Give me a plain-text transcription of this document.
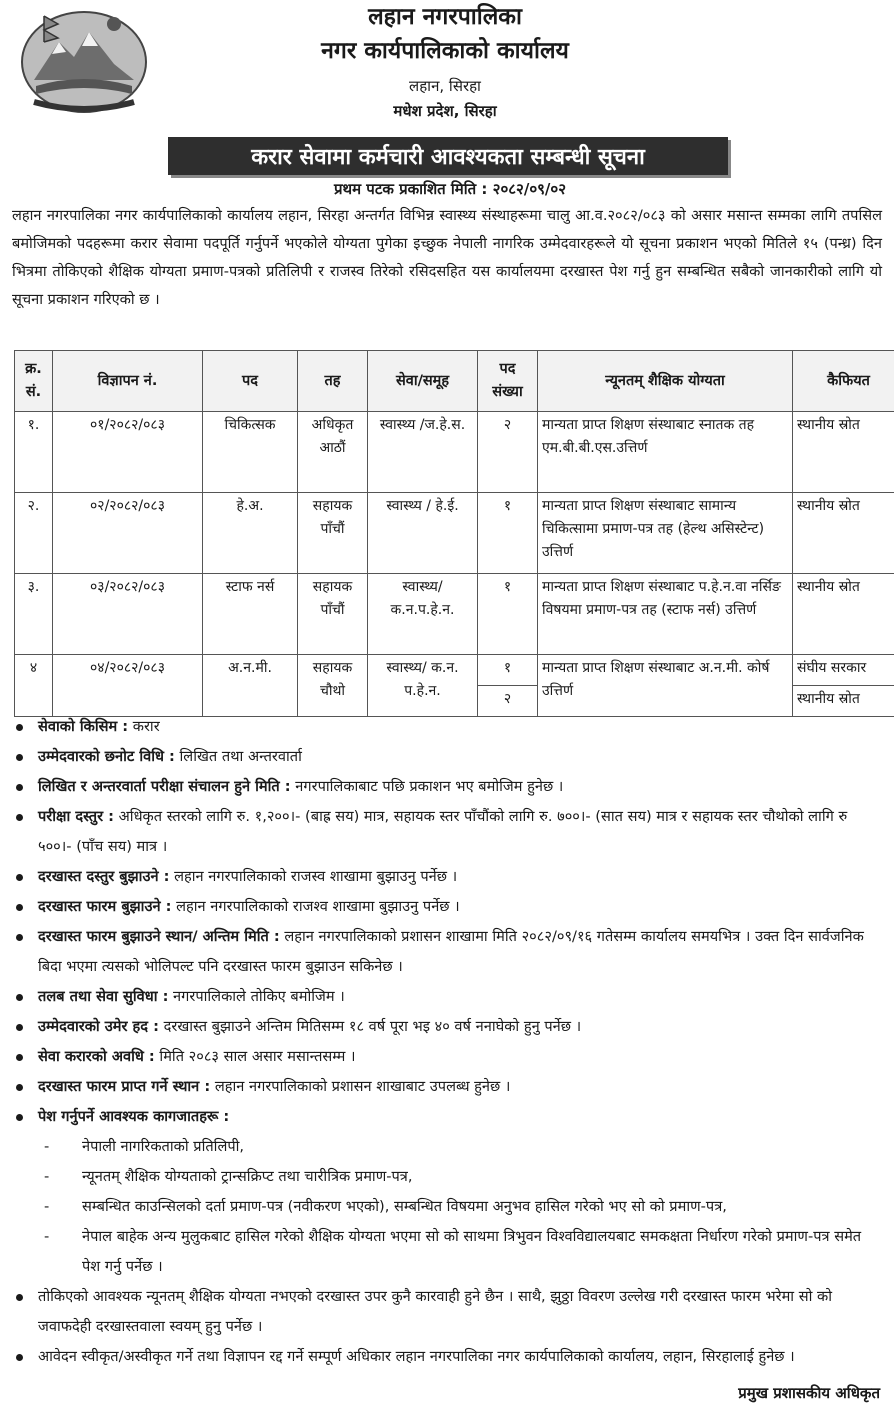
लहान नगरपालिका
नगर कार्यपालिकाको कार्यालय
लहान, सिरहा
मधेश प्रदेश, सिरहा
करार सेवामा कर्मचारी आवश्यकता सम्बन्धी सूचना
प्रथम पटक प्रकाशित मिति : २०८२/०९/०२
लहान नगरपालिका नगर कार्यपालिकाको कार्यालय लहान, सिरहा अन्तर्गत विभिन्न स्वास्थ्य संस्थाहरूमा चालु आ.व.२०८२/०८३ को असार मसान्त सम्मका लागि तपसिल बमोजिमको पदहरूमा करार सेवामा पदपूर्ति गर्नुपर्ने भएकोले योग्यता पुगेका इच्छुक नेपाली नागरिक उम्मेदवारहरूले यो सूचना प्रकाशन भएको मितिले १५ (पन्ध्र) दिन भित्रमा तोकिएको शैक्षिक योग्यता प्रमाण-पत्रको प्रतिलिपी र राजस्व तिरेको रसिदसहित यस कार्यालयमा दरखास्त पेश गर्नु हुन सम्बन्धित सबैको जानकारीको लागि यो सूचना प्रकाशन गरिएको छ ।
क्र. सं.	विज्ञापन नं.	पद	तह	सेवा/समूह	पद संख्या	न्यूनतम् शैक्षिक योग्यता	कैफियत
१.	०१/२०८२/०८३	चिकित्सक	अधिकृत आठौं	स्वास्थ्य /ज.हे.स.	२	मान्यता प्राप्त शिक्षण संस्थाबाट स्नातक तह एम.बी.बी.एस.उत्तिर्ण	स्थानीय स्रोत
२.	०२/२०८२/०८३	हे.अ.	सहायक पाँचौं	स्वास्थ्य / हे.ई.	१	मान्यता प्राप्त शिक्षण संस्थाबाट सामान्य चिकित्सामा प्रमाण-पत्र तह (हेल्थ असिस्टेन्ट) उत्तिर्ण	स्थानीय स्रोत
३.	०३/२०८२/०८३	स्टाफ नर्स	सहायक पाँचौं	स्वास्थ्य/ क.न.प.हे.न.	१	मान्यता प्राप्त शिक्षण संस्थाबाट प.हे.न.वा नर्सिङ विषयमा प्रमाण-पत्र तह (स्टाफ नर्स) उत्तिर्ण	स्थानीय स्रोत
४	०४/२०८२/०८३	अ.न.मी.	सहायक चौथो	स्वास्थ्य/ क.न. प.हे.न.	१	मान्यता प्राप्त शिक्षण संस्थाबाट अ.न.मी. कोर्ष उत्तिर्ण	संघीय सरकार
					२		स्थानीय स्रोत
सेवाको किसिम : करार
उम्मेदवारको छनोट विधि : लिखित तथा अन्तरवार्ता
लिखित र अन्तरवार्ता परीक्षा संचालन हुने मिति : नगरपालिकाबाट पछि प्रकाशन भए बमोजिम हुनेछ ।
परीक्षा दस्तुर : अधिकृत स्तरको लागि रु. १,२००।- (बाह्र सय) मात्र, सहायक स्तर पाँचौंको लागि रु. ७००।- (सात सय) मात्र र सहायक स्तर चौथोको लागि रु ५००।- (पाँच सय) मात्र ।
दरखास्त दस्तुर बुझाउने : लहान नगरपालिकाको राजस्व शाखामा बुझाउनु पर्नेछ ।
दरखास्त फारम बुझाउने : लहान नगरपालिकाको राजश्व शाखामा बुझाउनु पर्नेछ ।
दरखास्त फारम बुझाउने स्थान/ अन्तिम मिति : लहान नगरपालिकाको प्रशासन शाखामा मिति २०८२/०९/१६ गतेसम्म कार्यालय समयभित्र । उक्त दिन सार्वजनिक बिदा भएमा त्यसको भोलिपल्ट पनि दरखास्त फारम बुझाउन सकिनेछ ।
तलब तथा सेवा सुविधा : नगरपालिकाले तोकिए बमोजिम ।
उम्मेदवारको उमेर हद : दरखास्त बुझाउने अन्तिम मितिसम्म १८ वर्ष पूरा भइ ४० वर्ष ननाघेको हुनु पर्नेछ ।
सेवा करारको अवधि : मिति २०८३ साल असार मसान्तसम्म ।
दरखास्त फारम प्राप्त गर्ने स्थान : लहान नगरपालिकाको प्रशासन शाखाबाट उपलब्ध हुनेछ ।
पेश गर्नुपर्ने आवश्यक कागजातहरू :
- नेपाली नागरिकताको प्रतिलिपी,
- न्यूनतम् शैक्षिक योग्यताको ट्रान्सक्रिप्ट तथा चारीत्रिक प्रमाण-पत्र,
- सम्बन्धित काउन्सिलको दर्ता प्रमाण-पत्र (नवीकरण भएको), सम्बन्धित विषयमा अनुभव हासिल गरेको भए सो को प्रमाण-पत्र,
- नेपाल बाहेक अन्य मुलुकबाट हासिल गरेको शैक्षिक योग्यता भएमा सो को साथमा त्रिभुवन विश्वविद्यालयबाट समकक्षता निर्धारण गरेको प्रमाण-पत्र समेत पेश गर्नु पर्नेछ ।
तोकिएको आवश्यक न्यूनतम् शैक्षिक योग्यता नभएको दरखास्त उपर कुनै कारवाही हुने छैन । साथै, झुठ्ठा विवरण उल्लेख गरी दरखास्त फारम भरेमा सो को जवाफदेही दरखास्तवाला स्वयम् हुनु पर्नेछ ।
आवेदन स्वीकृत/अस्वीकृत गर्ने तथा विज्ञापन रद्द गर्ने सम्पूर्ण अधिकार लहान नगरपालिका नगर कार्यपालिकाको कार्यालय, लहान, सिरहालाई हुनेछ ।
प्रमुख प्रशासकीय अधिकृत
